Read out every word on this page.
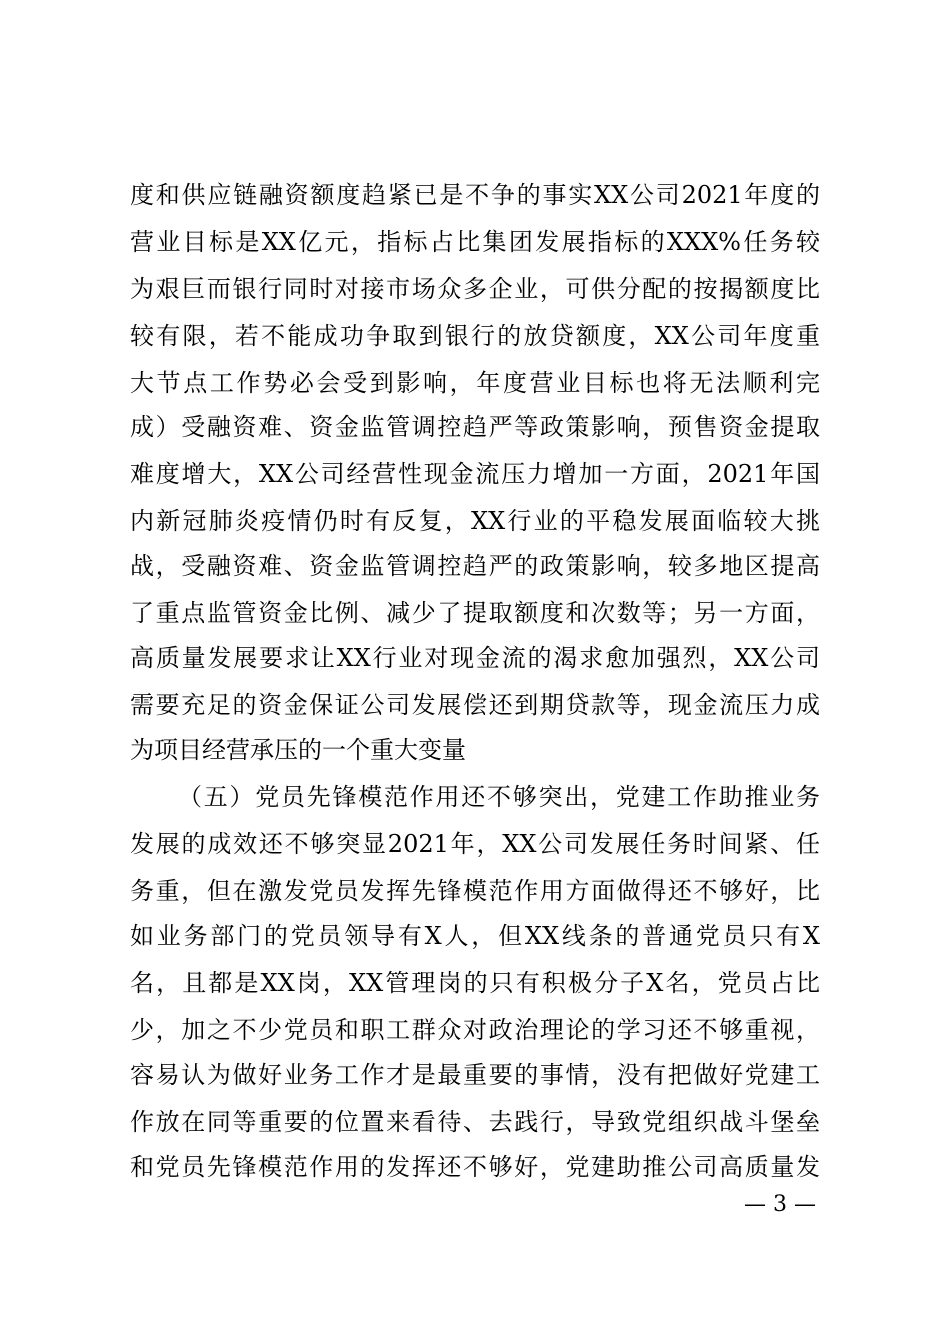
度和供应链融资额度趋紧已是不争的事实XX公司2021年度的
营业目标是XX亿元，指标占比集团发展指标的XXX%任务较
为艰巨而银行同时对接市场众多企业，可供分配的按揭额度比
较有限，若不能成功争取到银行的放贷额度，XX公司年度重
大节点工作势必会受到影响，年度营业目标也将无法顺利完
成）受融资难、资金监管调控趋严等政策影响，预售资金提取
难度增大，XX公司经营性现金流压力增加一方面，2021年国
内新冠肺炎疫情仍时有反复，XX行业的平稳发展面临较大挑
战，受融资难、资金监管调控趋严的政策影响，较多地区提高
了重点监管资金比例、减少了提取额度和次数等；另一方面，
高质量发展要求让XX行业对现金流的渴求愈加强烈，XX公司
需要充足的资金保证公司发展偿还到期贷款等，现金流压力成
为项目经营承压的一个重大变量
（五）党员先锋模范作用还不够突出，党建工作助推业务
发展的成效还不够突显2021年，XX公司发展任务时间紧、任
务重，但在激发党员发挥先锋模范作用方面做得还不够好，比
如业务部门的党员领导有X人，但XX线条的普通党员只有X
名，且都是XX岗，XX管理岗的只有积极分子X名，党员占比
少，加之不少党员和职工群众对政治理论的学习还不够重视，
容易认为做好业务工作才是最重要的事情，没有把做好党建工
作放在同等重要的位置来看待、去践行，导致党组织战斗堡垒
和党员先锋模范作用的发挥还不够好，党建助推公司高质量发
— 3 —
